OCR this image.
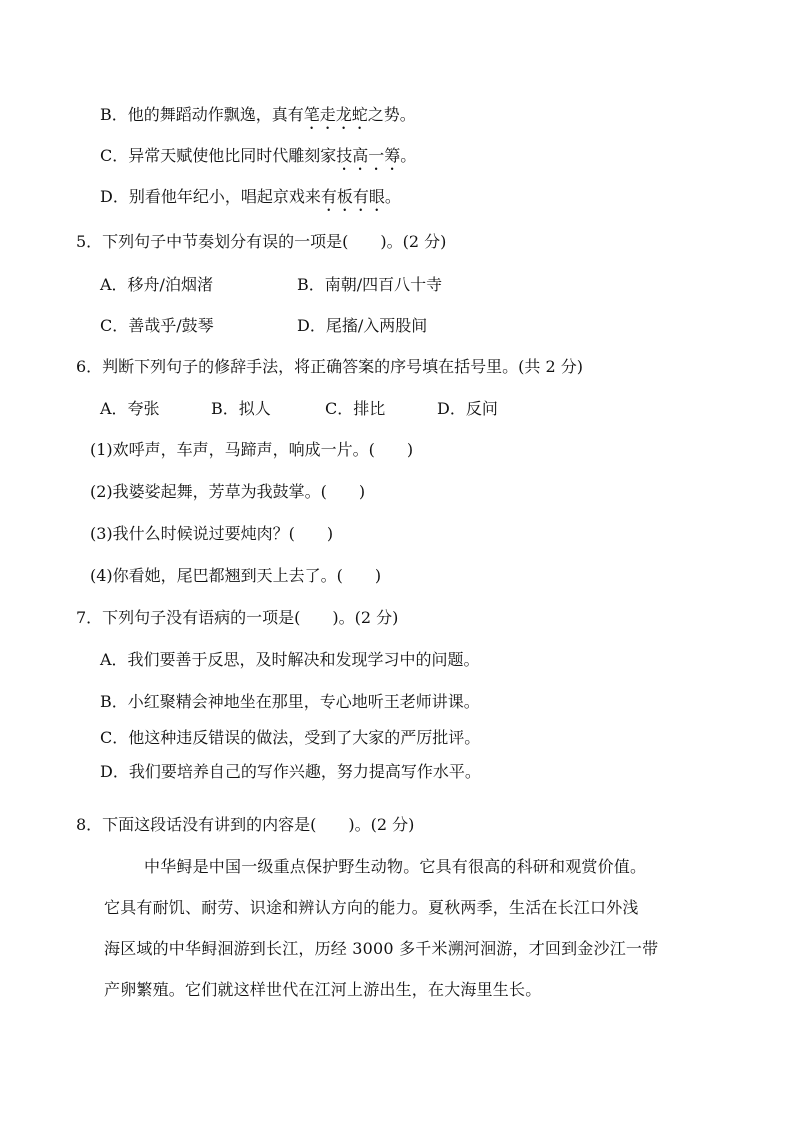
B．他的舞蹈动作飘逸，真有笔走龙蛇之势。
C．异常天赋使他比同时代雕刻家技高一筹。
D．别看他年纪小，唱起京戏来有板有眼。
5．下列句子中节奏划分有误的一项是(　　)。(2 分)
A．移舟/泊烟渚	B．南朝/四百八十寺
C．善哉乎/鼓琴	D．尾搐/入两股间
6．判断下列句子的修辞手法，将正确答案的序号填在括号里。(共 2 分)
A．夸张	B．拟人	C．排比	D．反问
(1)欢呼声，车声，马蹄声，响成一片。(　　)
(2)我婆娑起舞，芳草为我鼓掌。(　　)
(3)我什么时候说过要炖肉？(　　)
(4)你看她，尾巴都翘到天上去了。(　　)
7．下列句子没有语病的一项是(　　)。(2 分)
A．我们要善于反思，及时解决和发现学习中的问题。
B．小红聚精会神地坐在那里，专心地听王老师讲课。
C．他这种违反错误的做法，受到了大家的严厉批评。
D．我们要培养自己的写作兴趣，努力提高写作水平。
8．下面这段话没有讲到的内容是(　　)。(2 分)
中华鲟是中国一级重点保护野生动物。它具有很高的科研和观赏价值。
它具有耐饥、耐劳、识途和辨认方向的能力。夏秋两季，生活在长江口外浅
海区域的中华鲟洄游到长江，历经 3000 多千米溯河洄游，才回到金沙江一带
产卵繁殖。它们就这样世代在江河上游出生，在大海里生长。
